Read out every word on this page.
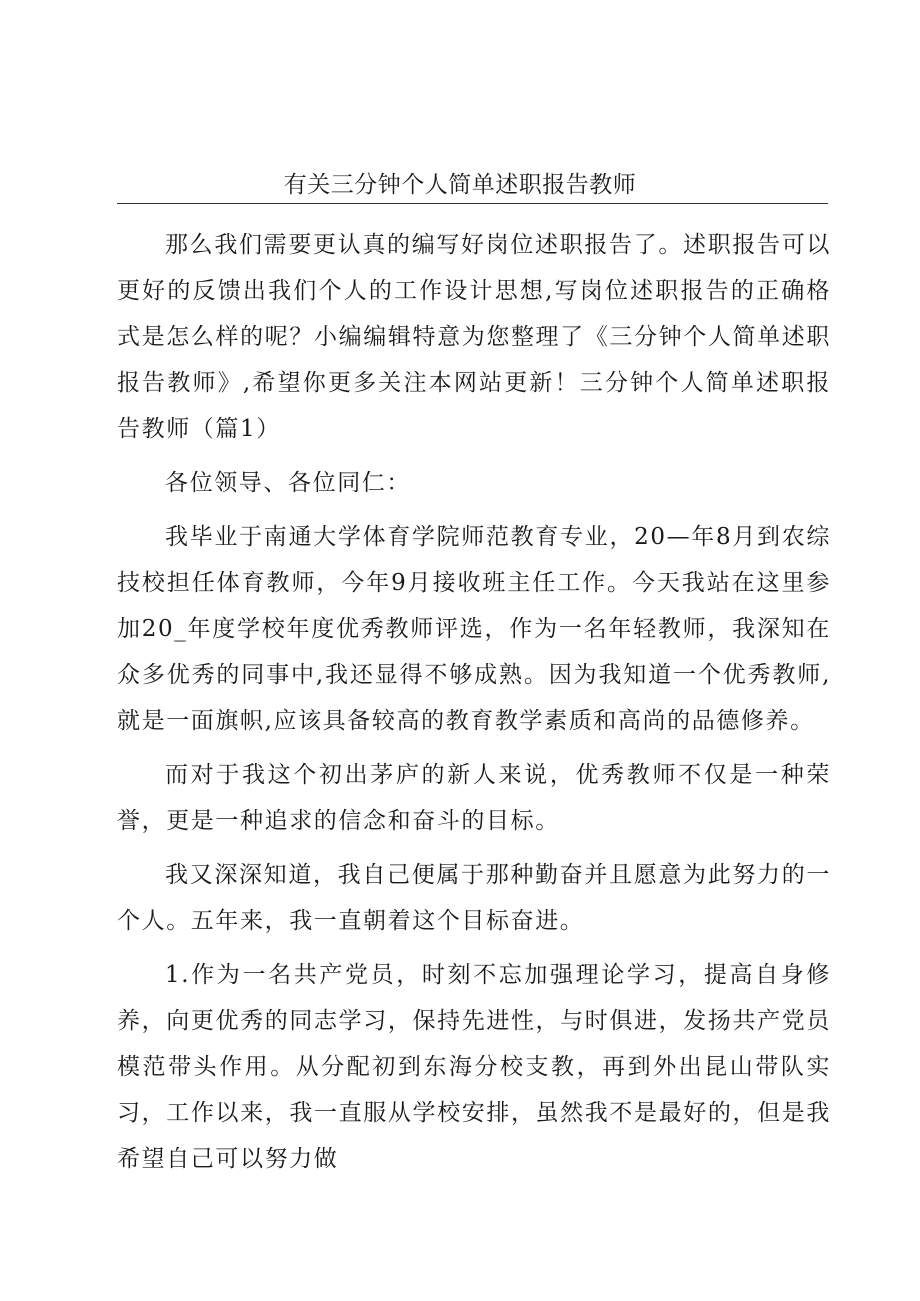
有关三分钟个人简单述职报告教师

那么我们需要更认真的编写好岗位述职报告了。述职报告可以更好的反馈出我们个人的工作设计思想,写岗位述职报告的正确格式是怎么样的呢？小编编辑特意为您整理了《三分钟个人简单述职报告教师》,希望你更多关注本网站更新！三分钟个人简单述职报告教师（篇1）

各位领导、各位同仁：

我毕业于南通大学体育学院师范教育专业，20—年8月到农综技校担任体育教师，今年9月接收班主任工作。今天我站在这里参加20_年度学校年度优秀教师评选，作为一名年轻教师，我深知在众多优秀的同事中,我还显得不够成熟。因为我知道一个优秀教师,就是一面旗帜,应该具备较高的教育教学素质和高尚的品德修养。

而对于我这个初出茅庐的新人来说，优秀教师不仅是一种荣誉，更是一种追求的信念和奋斗的目标。

我又深深知道，我自己便属于那种勤奋并且愿意为此努力的一个人。五年来，我一直朝着这个目标奋进。

1.作为一名共产党员，时刻不忘加强理论学习，提高自身修养，向更优秀的同志学习，保持先进性，与时俱进，发扬共产党员模范带头作用。从分配初到东海分校支教，再到外出昆山带队实习，工作以来，我一直服从学校安排，虽然我不是最好的，但是我希望自己可以努力做
